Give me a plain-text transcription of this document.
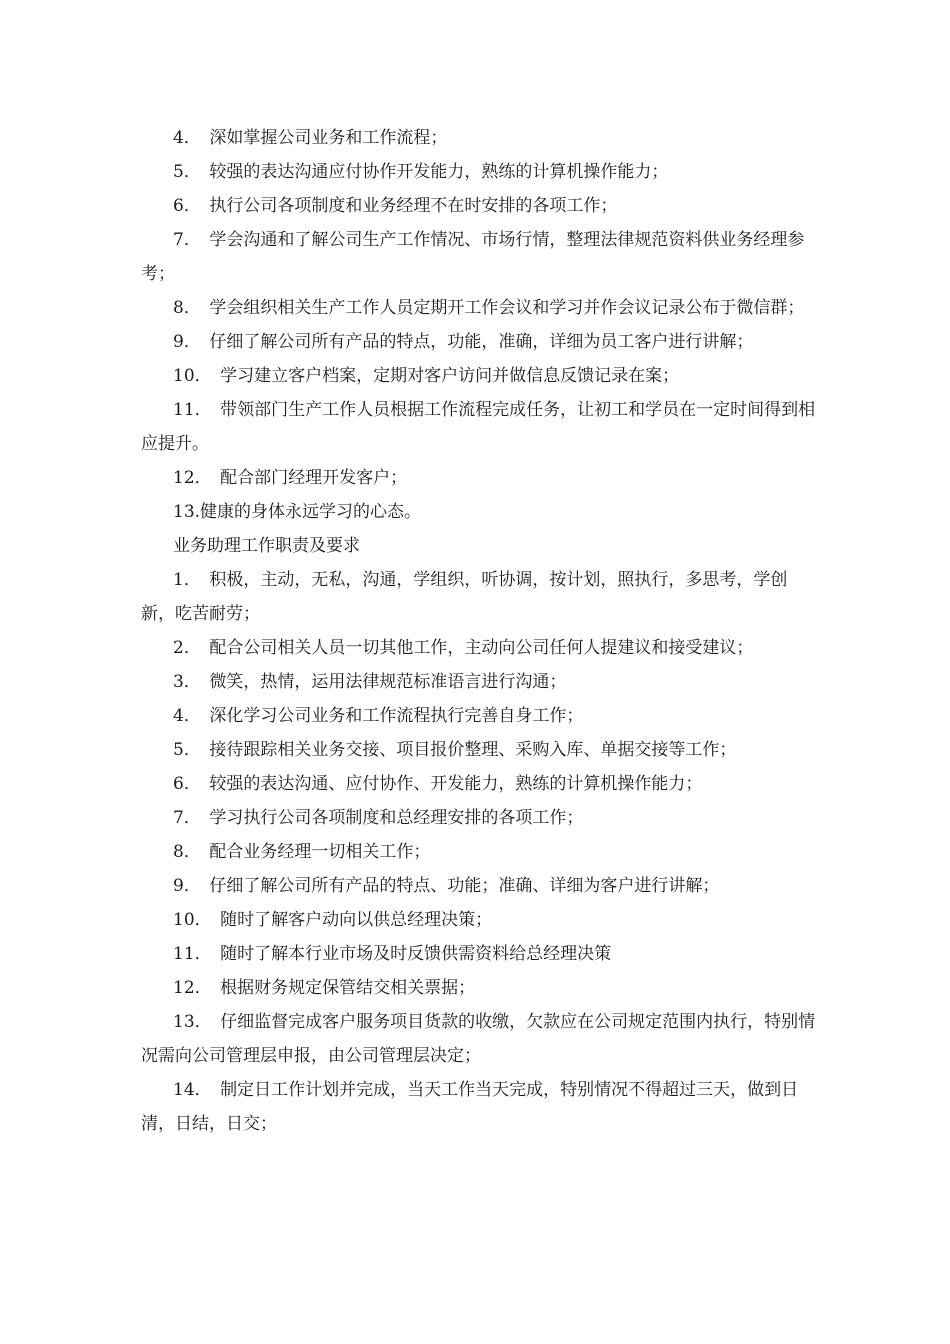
4．　深如掌握公司业务和工作流程；

5．　较强的表达沟通应付协作开发能力，熟练的计算机操作能力；

6．　执行公司各项制度和业务经理不在时安排的各项工作；

7．　学会沟通和了解公司生产工作情况、市场行情，整理法律规范资料供业务经理参考；

8．　学会组织相关生产工作人员定期开工作会议和学习并作会议记录公布于微信群；

9．　仔细了解公司所有产品的特点，功能，准确，详细为员工客户进行讲解；

10．　学习建立客户档案，定期对客户访问并做信息反馈记录在案；

11．　带领部门生产工作人员根据工作流程完成任务，让初工和学员在一定时间得到相应提升。

12．　配合部门经理开发客户；

13.健康的身体永远学习的心态。

业务助理工作职责及要求

1．　积极，主动，无私，沟通，学组织，听协调，按计划，照执行，多思考，学创新，吃苦耐劳；

2．　配合公司相关人员一切其他工作，主动向公司任何人提建议和接受建议；

3．　微笑，热情，运用法律规范标准语言进行沟通；

4．　深化学习公司业务和工作流程执行完善自身工作；

5．　接待跟踪相关业务交接、项目报价整理、采购入库、单据交接等工作；

6．　较强的表达沟通、应付协作、开发能力，熟练的计算机操作能力；

7．　学习执行公司各项制度和总经理安排的各项工作；

8．　配合业务经理一切相关工作；

9．　仔细了解公司所有产品的特点、功能；准确、详细为客户进行讲解；

10．　随时了解客户动向以供总经理决策；

11．　随时了解本行业市场及时反馈供需资料给总经理决策

12．　根据财务规定保管结交相关票据；

13．　仔细监督完成客户服务项目货款的收缴，欠款应在公司规定范围内执行，特别情况需向公司管理层申报，由公司管理层决定；

14．　制定日工作计划并完成，当天工作当天完成，特别情况不得超过三天，做到日清，日结，日交；
